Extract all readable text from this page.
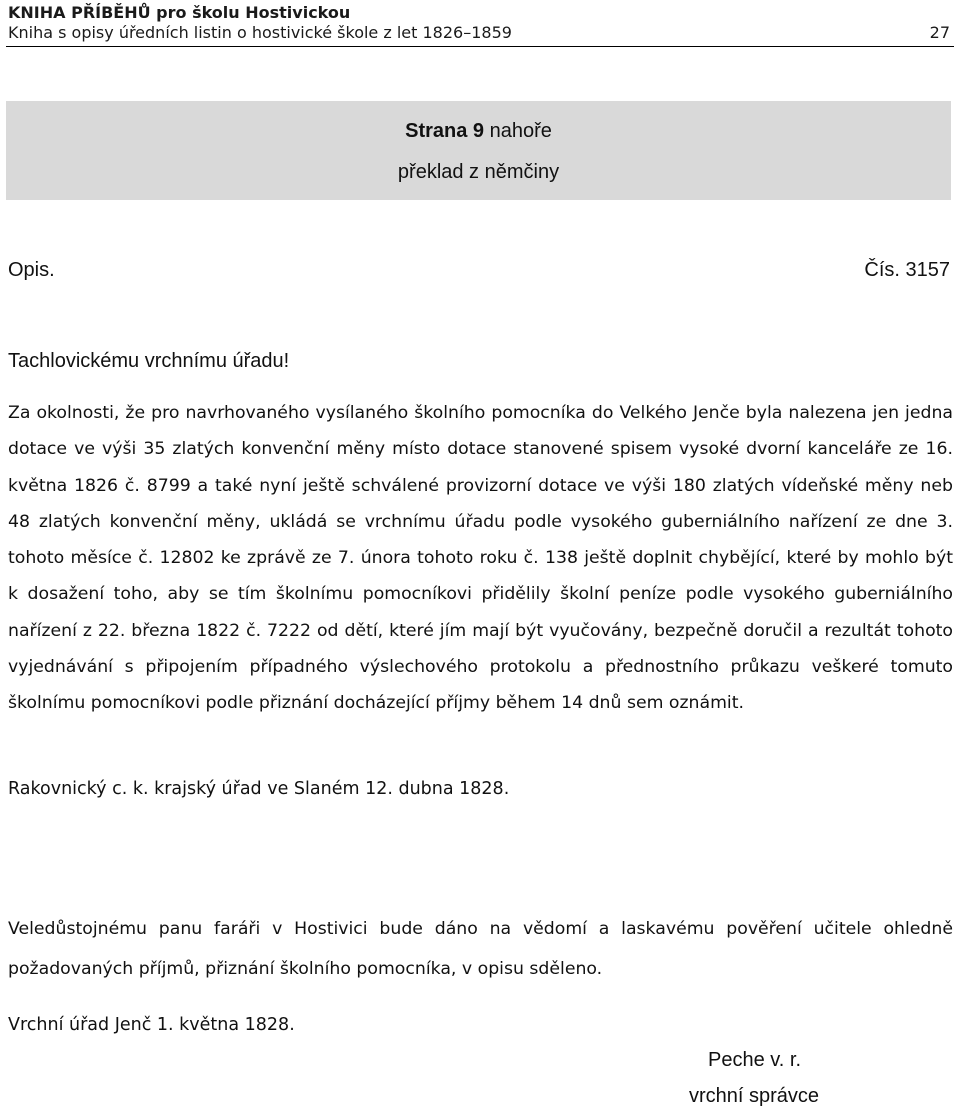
KNIHA PŘÍBĚHŮ pro školu Hostivickou
Kniha s opisy úředních listin o hostivické škole z let 1826–1859	27
Strana 9 nahoře
překlad z němčiny
Opis.	Čís. 3157
Tachlovickému vrchnímu úřadu!
Za okolnosti, že pro navrhovaného vysílaného školního pomocníka do Velkého Jenče byla nalezena jen jedna dotace ve výši 35 zlatých konvenční měny místo dotace stanovené spisem vysoké dvorní kanceláře ze 16. května 1826 č. 8799 a také nyní ještě schválené provizorní dotace ve výši 180 zlatých vídeňské měny neb 48 zlatých konvenční měny, ukládá se vrchnímu úřadu podle vysokého guberniálního nařízení ze dne 3. tohoto měsíce č. 12802 ke zprávě ze 7. února tohoto roku č. 138 ještě doplnit chybějící, které by mohlo být k dosažení toho, aby se tím školnímu pomocníkovi přidělily školní peníze podle vysokého guberniálního nařízení z 22. března 1822 č. 7222 od dětí, které jím mají být vyučovány, bezpečně doručil a rezultát tohoto vyjednávání s připojením případného výslechového protokolu a přednostního průkazu veškeré tomuto školnímu pomocníkovi podle přiznání docházející příjmy během 14 dnů sem oznámit.
Rakovnický c. k. krajský úřad ve Slaném 12. dubna 1828.
Veledůstojnému panu faráři v Hostivici bude dáno na vědomí a laskavému pověření učitele ohledně požadovaných příjmů, přiznání školního pomocníka, v opisu sděleno.
Vrchní úřad Jenč 1. května 1828.
Peche v. r.
vrchní správce
